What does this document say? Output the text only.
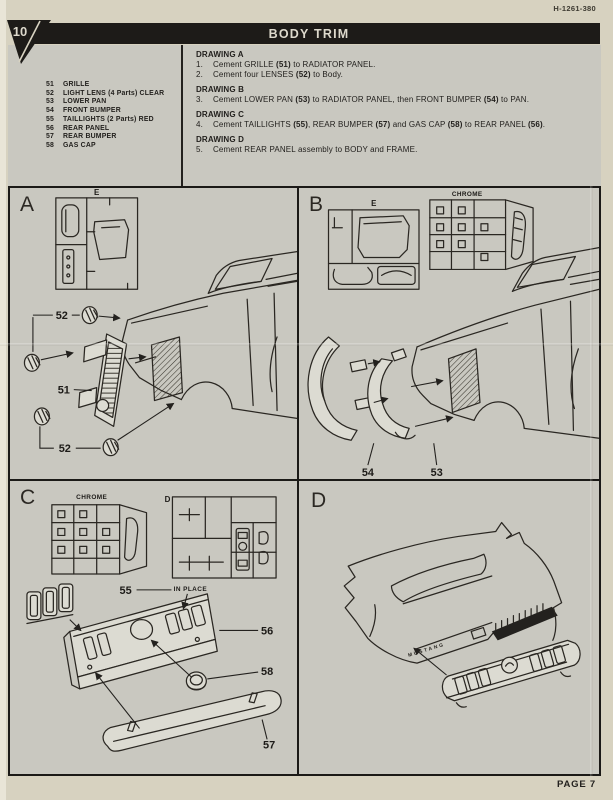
H-1261-380
BODY TRIM
10
51	GRILLE
52	LIGHT LENS (4 Parts) CLEAR
53	LOWER PAN
54	FRONT BUMPER
55	TAILLIGHTS (2 Parts) RED
56	REAR PANEL
57	REAR BUMPER
58	GAS CAP
DRAWING A
1.	Cement GRILLE (51) to RADIATOR PANEL.
2.	Cement four LENSES (52) to Body.
DRAWING B
3.	Cement LOWER PAN (53) to RADIATOR PANEL, then FRONT BUMPER (54) to PAN.
DRAWING C
4.	Cement TAILLIGHTS (55), REAR BUMPER (57) and GAS CAP (58) to REAR PANEL (56).
DRAWING D
5.	Cement REAR PANEL assembly to BODY and FRAME.
E
52
51
52
A	E
CHROME
54	53
B
CHROME	D
55	IN PLACE
56
58
57
C
MUSTANG
D
PAGE 7
